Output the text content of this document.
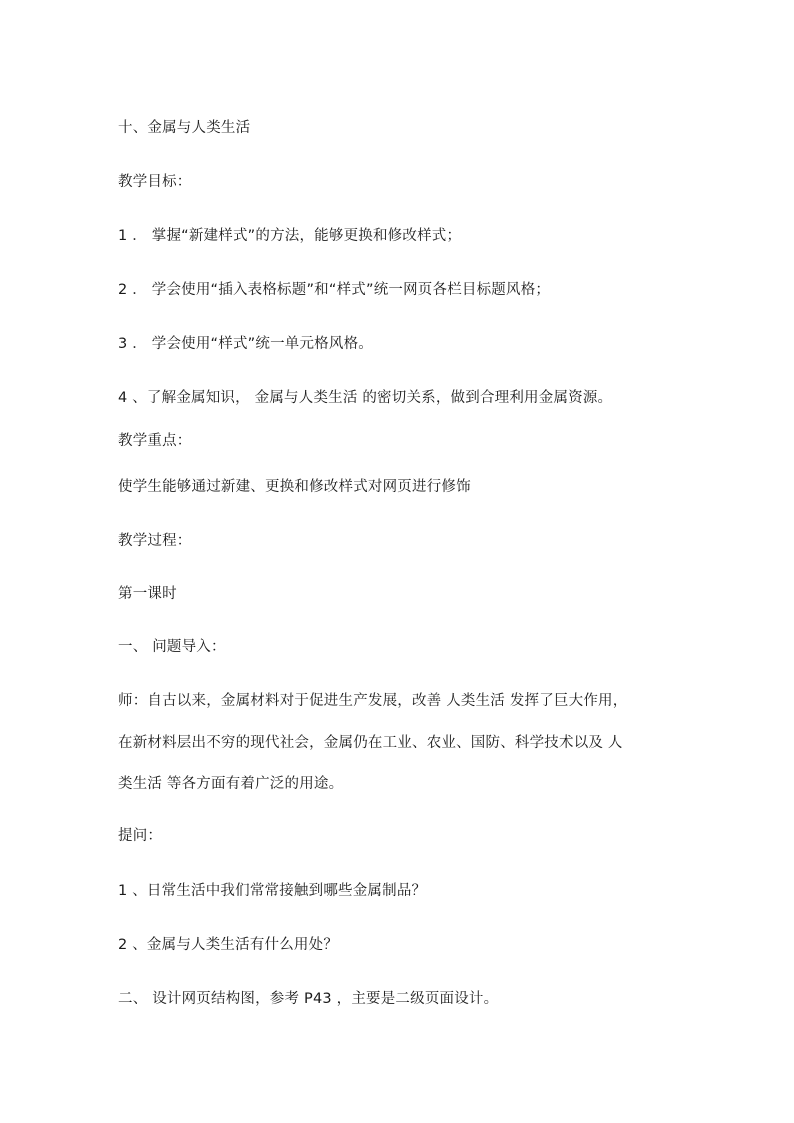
十、金属与人类生活

教学目标：

1 ． 掌握“新建样式”的方法，能够更换和修改样式；

2 ． 学会使用“插入表格标题”和“样式”统一网页各栏目标题风格；

3 ． 学会使用“样式”统一单元格风格。

4 、了解金属知识， 金属与人类生活 的密切关系，做到合理利用金属资源。

教学重点：

使学生能够通过新建、更换和修改样式对网页进行修饰

教学过程：

第一课时

一、 问题导入：

师：自古以来，金属材料对于促进生产发展，改善 人类生活 发挥了巨大作用，

在新材料层出不穷的现代社会，金属仍在工业、农业、国防、科学技术以及 人

类生活 等各方面有着广泛的用途。

提问：

1 、日常生活中我们常常接触到哪些金属制品？

2 、金属与人类生活有什么用处？

二、 设计网页结构图，参考 P43 ，主要是二级页面设计。
